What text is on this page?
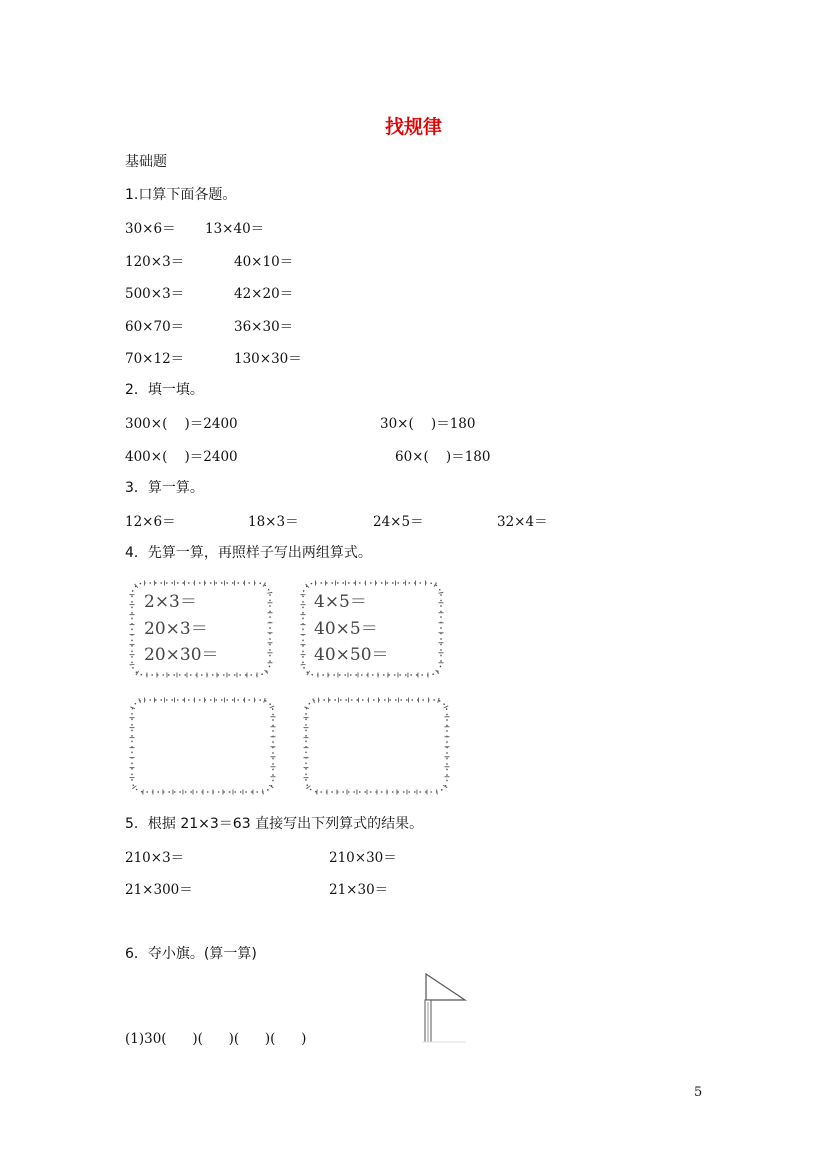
找规律
基础题
1.口算下面各题。
30×6＝ 13×40＝
120×3＝	40×10＝
500×3＝	42×20＝
60×70＝	36×30＝
70×12＝	130×30＝
2．填一填。
300×(    )＝2400	30×(    )＝180
400×(    )＝2400	60×(    )＝180
3．算一算。
12×6＝	18×3＝	24×5＝	32×4＝
4．先算一算，再照样子写出两组算式。
2×3＝
20×3＝
20×30＝
4×5＝
40×5＝
40×50＝
5．根据 21×3＝63 直接写出下列算式的结果。
210×3＝	210×30＝
21×300＝	21×30＝
6．夺小旗。(算一算)
(1)30(      )(      )(      )(      )
5
